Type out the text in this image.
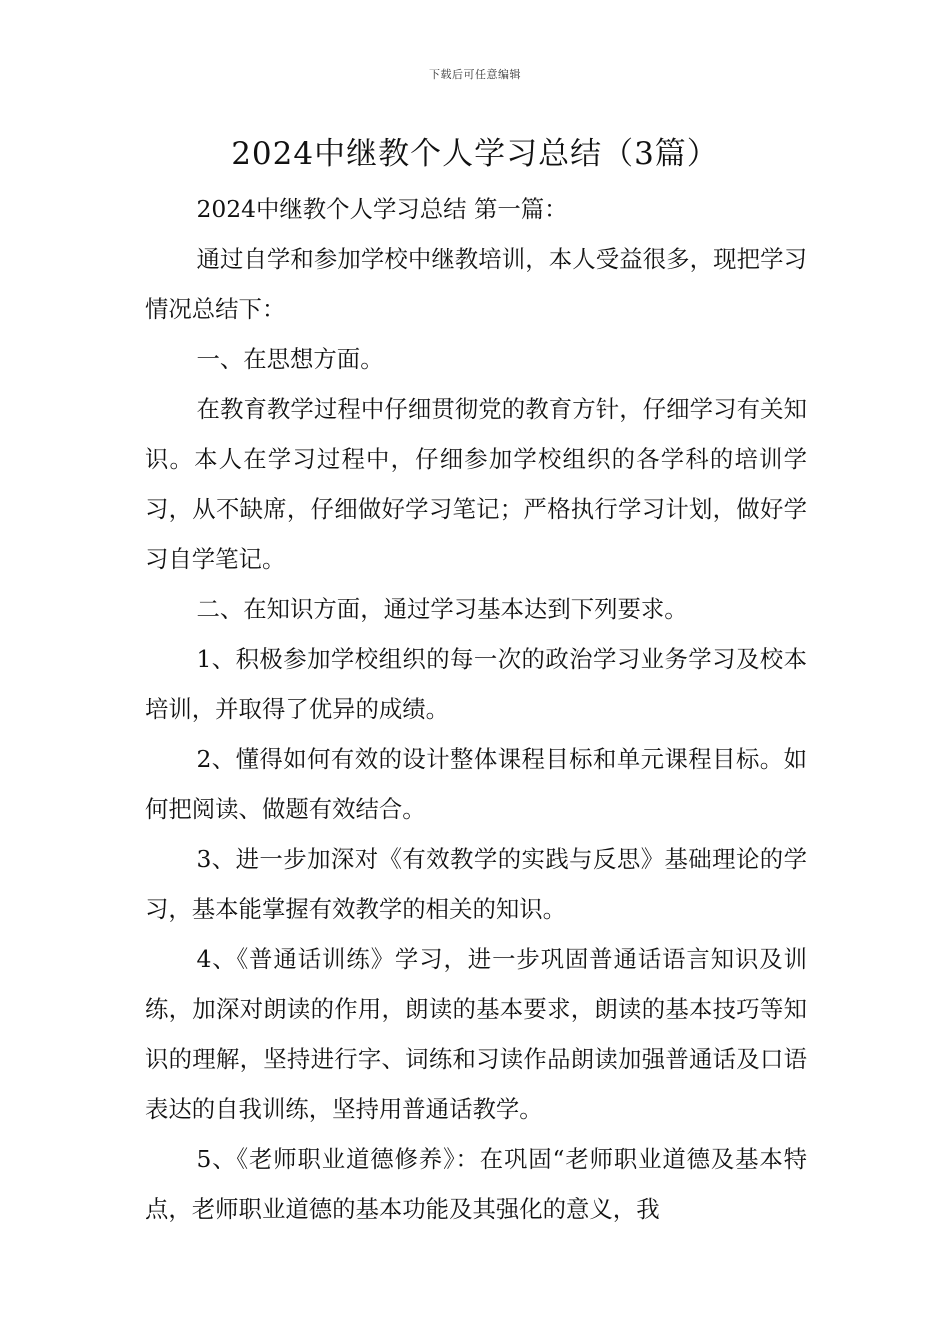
下载后可任意编辑
2024中继教个人学习总结（3篇）

2024中继教个人学习总结 第一篇：

通过自学和参加学校中继教培训，本人受益很多，现把学习情况总结下：

一、在思想方面。

在教育教学过程中仔细贯彻党的教育方针，仔细学习有关知识。本人在学习过程中，仔细参加学校组织的各学科的培训学习，从不缺席，仔细做好学习笔记；严格执行学习计划，做好学习自学笔记。

二、在知识方面，通过学习基本达到下列要求。

1、积极参加学校组织的每一次的政治学习业务学习及校本培训，并取得了优异的成绩。

2、懂得如何有效的设计整体课程目标和单元课程目标。如何把阅读、做题有效结合。

3、进一步加深对《有效教学的实践与反思》基础理论的学习，基本能掌握有效教学的相关的知识。

4、《普通话训练》学习，进一步巩固普通话语言知识及训练，加深对朗读的作用，朗读的基本要求，朗读的基本技巧等知识的理解，坚持进行字、词练和习读作品朗读加强普通话及口语表达的自我训练，坚持用普通话教学。

5、《老师职业道德修养》：在巩固“老师职业道德及基本特点，老师职业道德的基本功能及其强化的意义，我
